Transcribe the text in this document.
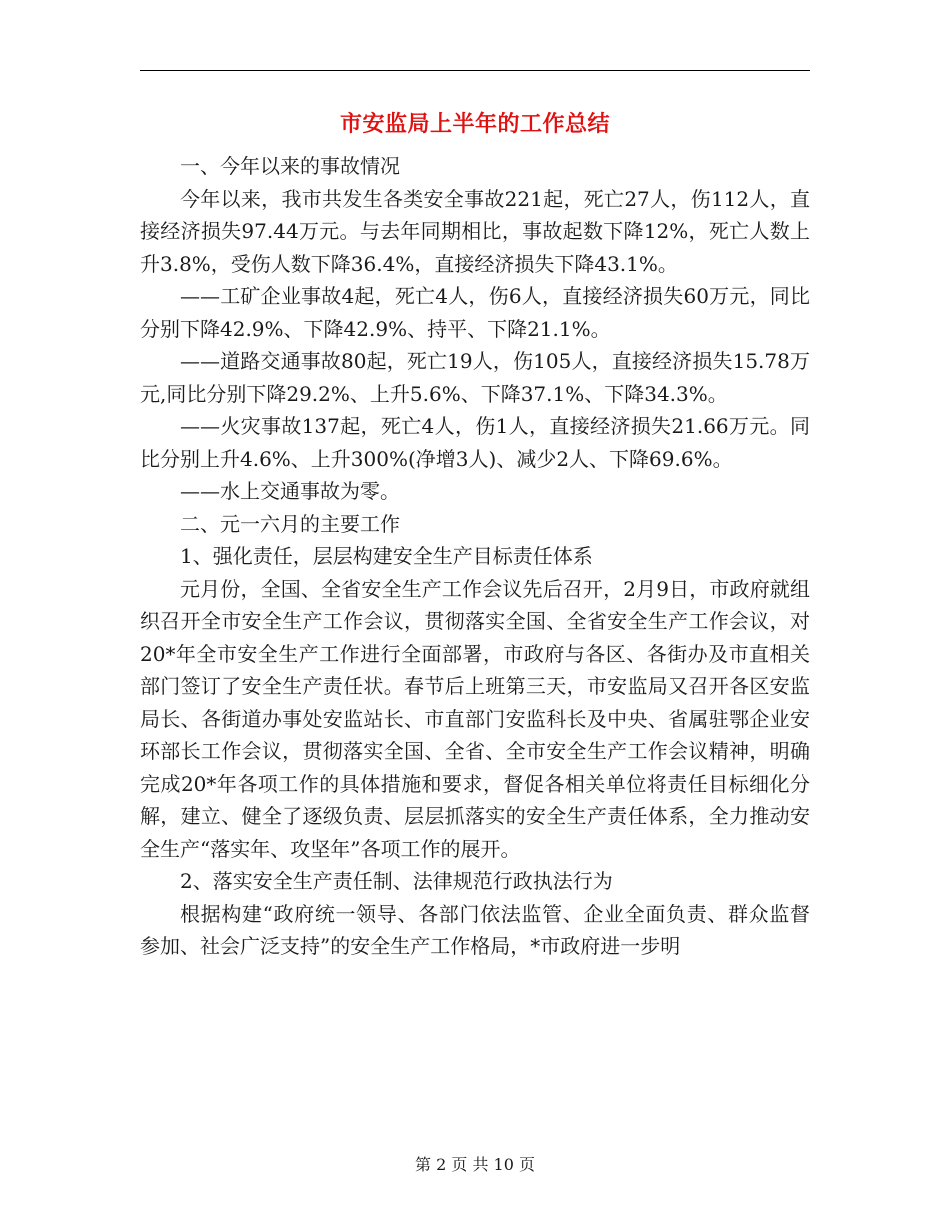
市安监局上半年的工作总结

一、今年以来的事故情况

今年以来，我市共发生各类安全事故221起，死亡27人，伤112人，直接经济损失97.44万元。与去年同期相比，事故起数下降12%，死亡人数上升3.8%，受伤人数下降36.4%，直接经济损失下降43.1%。

——工矿企业事故4起，死亡4人，伤6人，直接经济损失60万元，同比分别下降42.9%、下降42.9%、持平、下降21.1%。

——道路交通事故80起，死亡19人，伤105人，直接经济损失15.78万元,同比分别下降29.2%、上升5.6%、下降37.1%、下降34.3%。

——火灾事故137起，死亡4人，伤1人，直接经济损失21.66万元。同比分别上升4.6%、上升300%(净增3人)、减少2人、下降69.6%。

——水上交通事故为零。

二、元一六月的主要工作

1、强化责任，层层构建安全生产目标责任体系

元月份，全国、全省安全生产工作会议先后召开，2月9日，市政府就组织召开全市安全生产工作会议，贯彻落实全国、全省安全生产工作会议，对20*年全市安全生产工作进行全面部署，市政府与各区、各街办及市直相关部门签订了安全生产责任状。春节后上班第三天，市安监局又召开各区安监局长、各街道办事处安监站长、市直部门安监科长及中央、省属驻鄂企业安环部长工作会议，贯彻落实全国、全省、全市安全生产工作会议精神，明确完成20*年各项工作的具体措施和要求，督促各相关单位将责任目标细化分解，建立、健全了逐级负责、层层抓落实的安全生产责任体系，全力推动安全生产“落实年、攻坚年”各项工作的展开。

2、落实安全生产责任制、法律规范行政执法行为

根据构建“政府统一领导、各部门依法监管、企业全面负责、群众监督参加、社会广泛支持”的安全生产工作格局，*市政府进一步明

第 2 页 共 10 页
